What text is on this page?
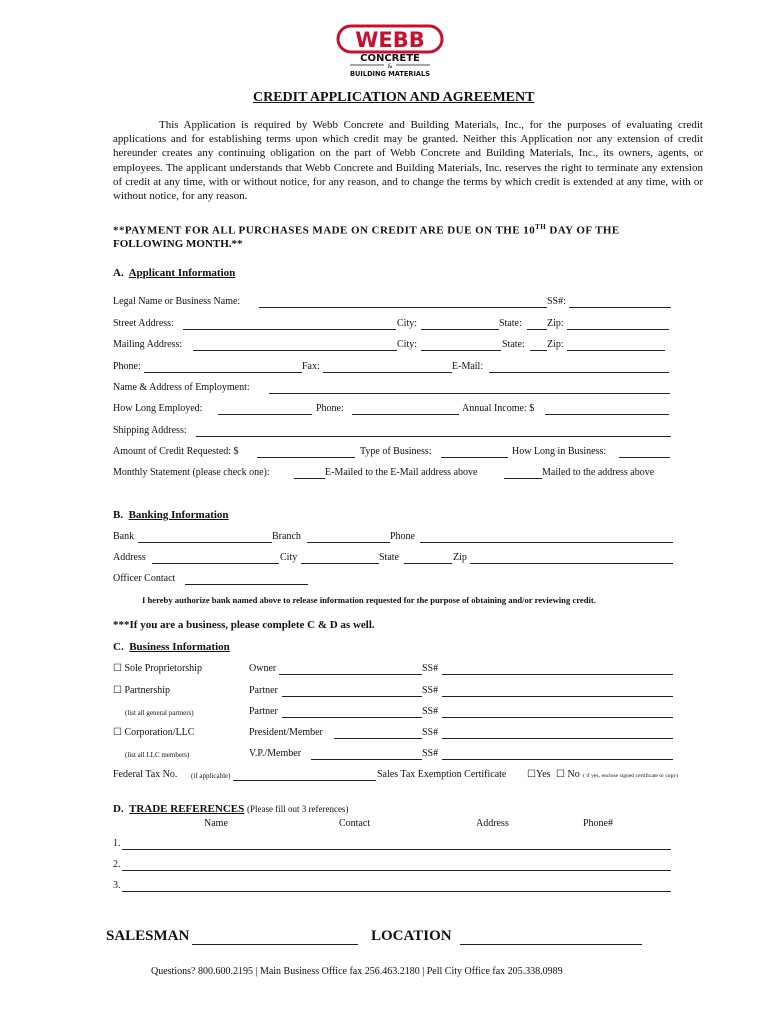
WEBB
CONCRETE
&
BUILDING MATERIALS
CREDIT APPLICATION AND AGREEMENT
This Application is required by Webb Concrete and Building Materials, Inc., for the purposes of evaluating credit applications and for establishing terms upon which credit may be granted. Neither this Application nor any extension of credit hereunder creates any continuing obligation on the part of Webb Concrete and Building Materials, Inc., its owners, agents, or employees. The applicant understands that Webb Concrete and Building Materials, Inc. reserves the right to terminate any extension of credit at any time, with or without notice, for any reason, and to change the terms by which credit is extended at any time, with or without notice, for any reason.
**PAYMENT FOR ALL PURCHASES MADE ON CREDIT ARE DUE ON THE 10TH DAY OF THE
FOLLOWING MONTH.**
A. Applicant Information
Legal Name or Business Name:	SS#:
Street Address:	City:	State:	Zip:
Mailing Address:	City:	State: Zip:
Phone:	Fax:	E-Mail:
Name & Address of Employment:
How Long Employed:	Phone:	Annual Income: $
Shipping Address:
Amount of Credit Requested: $	Type of Business:	How Long in Business:
Monthly Statement (please check one):	E-Mailed to the E-Mail address above	Mailed to the address above
B. Banking Information
Bank	Branch	Phone
Address	City	State	Zip
Officer Contact
I hereby authorize bank named above to release information requested for the purpose of obtaining and/or reviewing credit.
***If you are a business, please complete C & D as well.
C. Business Information
☐ Sole Proprietorship	Owner	SS#
☐ Partnership	Partner	SS#
(list all general partners)	Partner	SS#
☐ Corporation/LLC	President/Member	SS#
(list all LLC members)	V.P./Member	SS#
Federal Tax No. (if applicable)	Sales Tax Exemption Certificate ☐Yes ☐ No ( if yes, enclose signed certificate or copy)
D. TRADE REFERENCES (Please fill out 3 references)
Name	Contact	Address	Phone#
1.
2.
3.
SALESMAN	LOCATION
Questions? 800.600.2195 | Main Business Office fax 256.463.2180 | Pell City Office fax 205.338.0989
